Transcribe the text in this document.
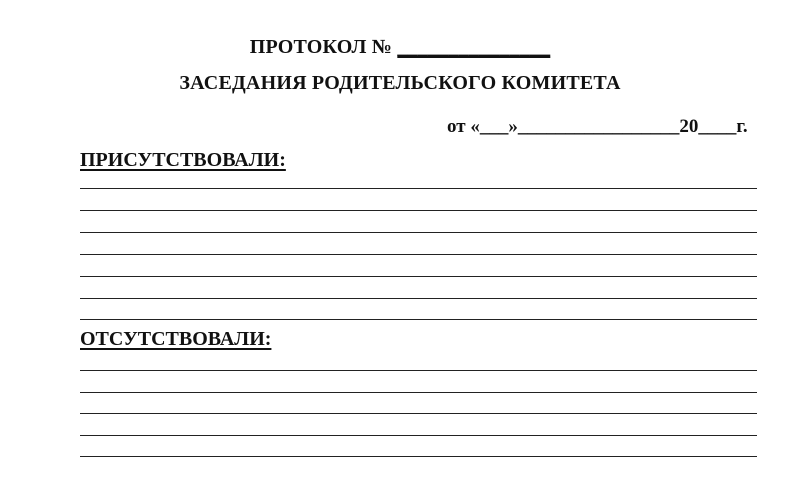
ПРОТОКОЛ № _______________
ЗАСЕДАНИЯ РОДИТЕЛЬСКОГО КОМИТЕТА
от «___»_________________20____г.
ПРИСУТСТВОВАЛИ:
ОТСУТСТВОВАЛИ:
